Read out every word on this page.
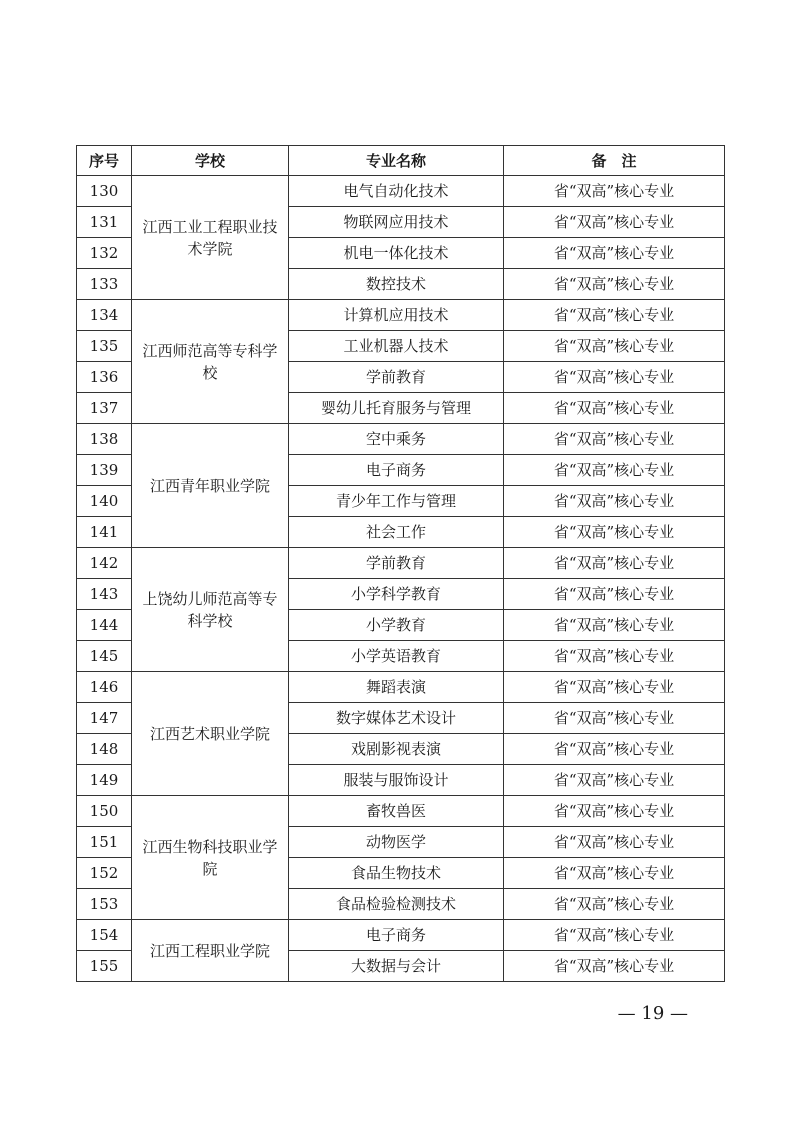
序号	学校	专业名称	备　注
130	江西工业工程职业技术学院	电气自动化技术	省“双高”核心专业
131		物联网应用技术	省“双高”核心专业
132		机电一体化技术	省“双高”核心专业
133		数控技术	省“双高”核心专业
134	江西师范高等专科学校	计算机应用技术	省“双高”核心专业
135		工业机器人技术	省“双高”核心专业
136		学前教育	省“双高”核心专业
137		婴幼儿托育服务与管理	省“双高”核心专业
138	江西青年职业学院	空中乘务	省“双高”核心专业
139		电子商务	省“双高”核心专业
140		青少年工作与管理	省“双高”核心专业
141		社会工作	省“双高”核心专业
142	上饶幼儿师范高等专科学校	学前教育	省“双高”核心专业
143		小学科学教育	省“双高”核心专业
144		小学教育	省“双高”核心专业
145		小学英语教育	省“双高”核心专业
146	江西艺术职业学院	舞蹈表演	省“双高”核心专业
147		数字媒体艺术设计	省“双高”核心专业
148		戏剧影视表演	省“双高”核心专业
149		服装与服饰设计	省“双高”核心专业
150	江西生物科技职业学院	畜牧兽医	省“双高”核心专业
151		动物医学	省“双高”核心专业
152		食品生物技术	省“双高”核心专业
153		食品检验检测技术	省“双高”核心专业
154	江西工程职业学院	电子商务	省“双高”核心专业
155		大数据与会计	省“双高”核心专业
— 19 —
